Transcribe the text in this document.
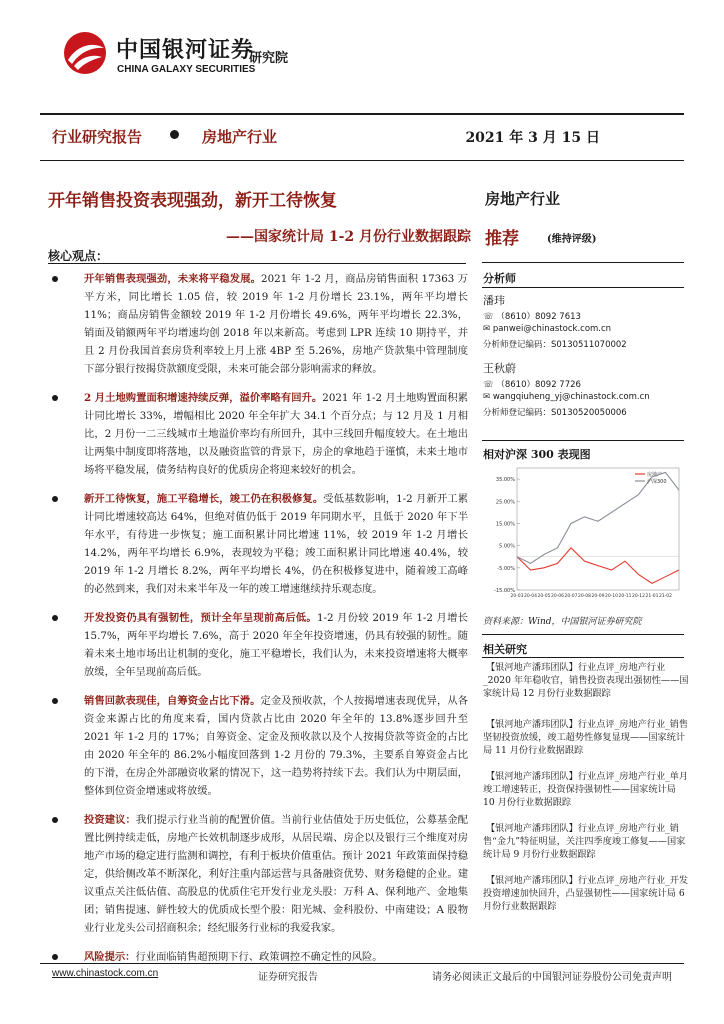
中国银河证券
CHINA GALAXY SECURITIES
研究院
行业研究报告	房地产行业	2021 年 3 月 15 日
开年销售投资表现强劲，新开工待恢复
——国家统计局 1-2 月份行业数据跟踪
房地产行业
推荐	(维持评级)
核心观点：
开年销售表现强劲，未来将平稳发展。2021 年 1-2 月，商品房销售面积 17363 万平方米，同比增长 1.05 倍，较 2019 年 1-2 月份增长 23.1%，两年平均增长 11%；商品房销售金额较 2019 年 1-2 月份增长 49.6%，两年平均增长 22.3%，销面及销额两年平均增速均创 2018 年以来新高。考虑到 LPR 连续 10 期持平，并且 2 月份我国首套房贷利率较上月上涨 4BP 至 5.26%，房地产贷款集中管理制度下部分银行按揭贷款额度受限，未来可能会部分影响需求的释放。
2 月土地购置面积增速持续反弹，溢价率略有回升。2021 年 1-2 月土地购置面积累计同比增长 33%，增幅相比 2020 年全年扩大 34.1 个百分点；与 12 月及 1 月相比，2 月份一二三线城市土地溢价率均有所回升，其中三线回升幅度较大。在土地出让两集中制度即将落地，以及融资监管的背景下，房企的拿地趋于谨慎，未来土地市场将平稳发展，债务结构良好的优质房企将迎来较好的机会。
新开工待恢复，施工平稳增长，竣工仍在积极修复。受低基数影响，1-2 月新开工累计同比增速较高达 64%，但绝对值仍低于 2019 年同期水平，且低于 2020 年下半年水平，有待进一步恢复；施工面积累计同比增速 11%，较 2019 年 1-2 月增长 14.2%，两年平均增长 6.9%，表现较为平稳；竣工面积累计同比增速 40.4%，较 2019 年 1-2 月增长 8.2%，两年平均增长 4%，仍在积极修复进中，随着竣工高峰的必然到来，我们对未来半年及一年的竣工增速继续持乐观态度。
开发投资仍具有强韧性，预计全年呈现前高后低。1-2 月份较 2019 年 1-2 月增长 15.7%，两年平均增长 7.6%，高于 2020 年全年投资增速，仍具有较强的韧性。随着未来土地市场出让机制的变化，施工平稳增长，我们认为，未来投资增速将大概率放缓，全年呈现前高后低。
销售回款表现佳，自筹资金占比下滑。定金及预收款，个人按揭增速表现优异，从各资金来源占比的角度来看，国内贷款占比由 2020 年全年的 13.8%逐步回升至 2021 年 1-2 月的 17%；自筹资金、定金及预收款以及个人按揭贷款等资金的占比由 2020 年全年的 86.2%小幅度回落到 1-2 月份的 79.3%，主要系自筹资金占比的下滑，在房企外部融资收紧的情况下，这一趋势将持续下去。我们认为中期层面，整体到位资金增速或将放缓。
投资建议：我们提示行业当前的配置价值。当前行业估值处于历史低位，公募基金配置比例持续走低，房地产长效机制逐步成形，从居民端、房企以及银行三个维度对房地产市场的稳定进行监测和调控，有利于板块价值重估。预计 2021 年政策面保持稳定，供给侧改革不断深化，利好注重内部运营与具备融资优势、财务稳健的企业。建议重点关注低估值、高股息的优质住宅开发行业龙头股：万科 A、保利地产、金地集团；销售提速、鲜性较大的优质成长型个股：阳光城、金科股份、中南建设；A 股物业行业龙头公司招商积余；经纪服务行业标的我爱我家。
风险提示：行业面临销售超预期下行、政策调控不确定性的风险。
分析师
潘玮
☏ （8610）8092 7613
✉ panwei@chinastock.com.cn
分析师登记编码：S0130511070002
王秋蔚
☏ （8610）8092 7726
✉ wangqiuheng_yj@chinastock.com.cn
分析师登记编码：S0130520050006
相对沪深 300 表现图
-15.00%
-5.00%
5.00%
15.00%
25.00%
35.00%
20-03 20-04 20-05 20-06 20-07 20-08 20-09 20-10 20-11 20-12 21-01 21-02
房地产
沪深300
资料来源：Wind，中国银河证券研究院
相关研究
【银河地产潘玮团队】行业点评_房地产行业_2020 年年稳收官，销售投资表现出强韧性——国家统计局 12 月份行业数据跟踪
【银河地产潘玮团队】行业点评_房地产行业_销售坚韧投资放缓，竣工超势性修复显现——国家统计局 11 月份行业数据跟踪
【银河地产潘玮团队】行业点评_房地产行业_单月竣工增速转正，投资保持强韧性——国家统计局 10 月份行业数据跟踪
【银河地产潘玮团队】行业点评_房地产行业_销售“金九”特征明显，关注四季度竣工修复——国家统计局 9 月份行业数据跟踪
【银河地产潘玮团队】行业点评_房地产行业_开发投资增速加快回升，凸显强韧性——国家统计局 6 月份行业数据跟踪
www.chinastock.com.cn	证券研究报告	请务必阅读正文最后的中国银河证券股份公司免责声明
